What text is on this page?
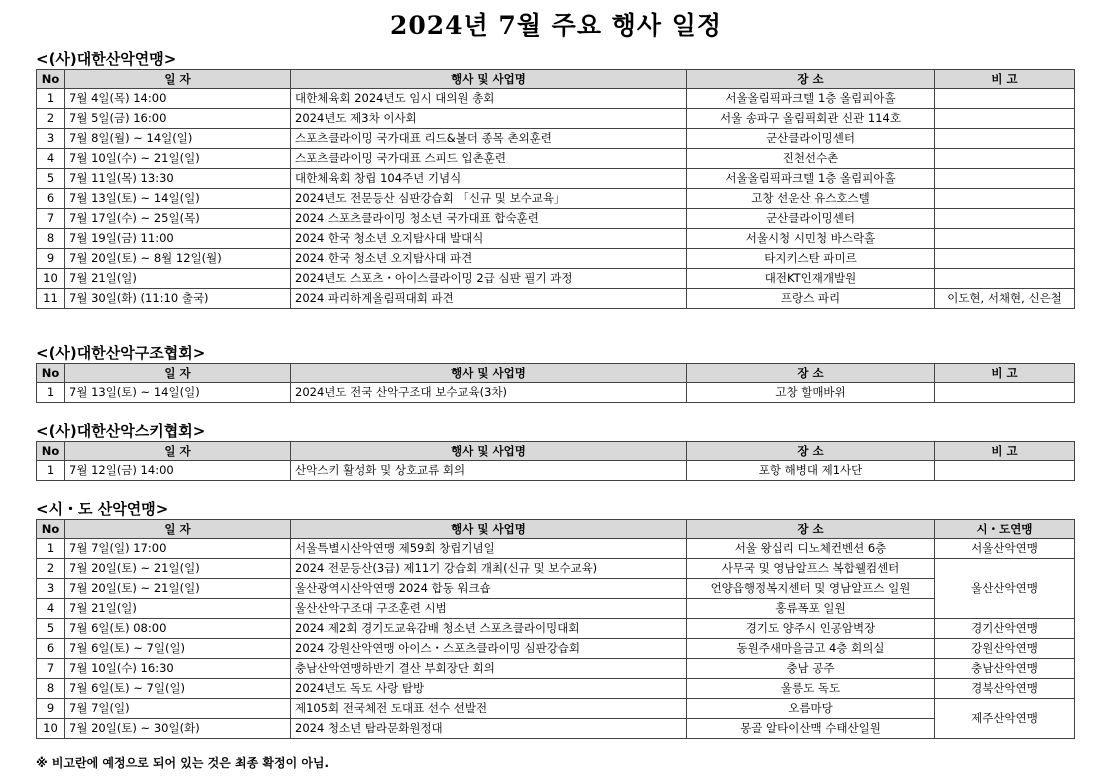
2024년 7월 주요 행사 일정
<(사)대한산악연맹>
No	일 자	행사 및 사업명	장 소	비 고
1	7월 4일(목) 14:00	대한체육회 2024년도 임시 대의원 총회	서울올림픽파크텔 1층 올림피아홀	
2	7월 5일(금) 16:00	2024년도 제3차 이사회	서울 송파구 올림픽회관 신관 114호	
3	7월 8일(월) ~ 14일(일)	스포츠클라이밍 국가대표 리드&볼더 종목 촌외훈련	군산클라이밍센터	
4	7월 10일(수) ~ 21일(일)	스포츠클라이밍 국가대표 스피드 입촌훈련	진천선수촌	
5	7월 11일(목) 13:30	대한체육회 창립 104주년 기념식	서울올림픽파크텔 1층 올림피아홀	
6	7월 13일(토) ~ 14일(일)	2024년도 전문등산 심판강습회 「신규 및 보수교육」	고창 선운산 유스호스텔	
7	7월 17일(수) ~ 25일(목)	2024 스포츠클라이밍 청소년 국가대표 합숙훈련	군산클라이밍센터	
8	7월 19일(금) 11:00	2024 한국 청소년 오지탐사대 발대식	서울시청 시민청 바스락홀	
9	7월 20일(토) ~ 8월 12일(월)	2024 한국 청소년 오지탐사대 파견	타지키스탄 파미르	
10	7월 21일(일)	2024년도 스포츠・아이스클라이밍 2급 심판 필기 과정	대전KT인재개발원	
11	7월 30일(화) (11:10 출국)	2024 파리하계올림픽대회 파견	프랑스 파리	이도현, 서채현, 신은철
<(사)대한산악구조협회>
No	일 자	행사 및 사업명	장 소	비 고
1	7월 13일(토) ~ 14일(일)	2024년도 전국 산악구조대 보수교육(3차)	고창 할매바위	
<(사)대한산악스키협회>
No	일 자	행사 및 사업명	장 소	비 고
1	7월 12일(금) 14:00	산악스키 활성화 및 상호교류 회의	포항 해병대 제1사단	
<시・도 산악연맹>
No	일 자	행사 및 사업명	장 소	시・도연맹
1	7월 7일(일) 17:00	서울특별시산악연맹 제59회 창립기념일	서울 왕십리 디노체컨벤션 6층	서울산악연맹
2	7월 20일(토) ~ 21일(일)	2024 전문등산(3급) 제11기 강습회 개최(신규 및 보수교육)	사무국 및 영남알프스 복합웰컴센터	울산산악연맹
3	7월 20일(토) ~ 21일(일)	울산광역시산악연맹 2024 합동 워크숍	언양읍행정복지센터 및 영남알프스 일원	
4	7월 21일(일)	울산산악구조대 구조훈련 시범	홍류폭포 일원	
5	7월 6일(토) 08:00	2024 제2회 경기도교육감배 청소년 스포츠클라이밍대회	경기도 양주시 인공암벽장	경기산악연맹
6	7월 6일(토) ~ 7일(일)	2024 강원산악연맹 아이스・스포츠클라이밍 심판강습회	동원주새마을금고 4층 회의실	강원산악연맹
7	7월 10일(수) 16:30	충남산악연맹하반기 결산 부회장단 회의	충남 공주	충남산악연맹
8	7월 6일(토) ~ 7일(일)	2024년도 독도 사랑 탐방	울릉도 독도	경북산악연맹
9	7월 7일(일)	제105회 전국체전 도대표 선수 선발전	오름마당	제주산악연맹
10	7월 20일(토) ~ 30일(화)	2024 청소년 탐라문화원정대	몽골 알타이산맥 수태산일원	
※ 비고란에 예정으로 되어 있는 것은 최종 확정이 아님.
